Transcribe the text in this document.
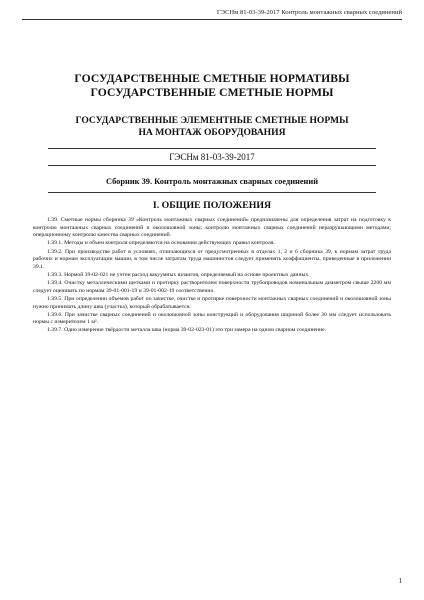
ГЭСНм 81-03-39-2017 Контроль монтажных сварных соединений
ГОСУДАРСТВЕННЫЕ СМЕТНЫЕ НОРМАТИВЫ
ГОСУДАРСТВЕННЫЕ СМЕТНЫЕ НОРМЫ
ГОСУДАРСТВЕННЫЕ ЭЛЕМЕНТНЫЕ СМЕТНЫЕ НОРМЫ
НА МОНТАЖ ОБОРУДОВАНИЯ
ГЭСНм 81-03-39-2017
Сборник 39. Контроль монтажных сварных соединений
I. ОБЩИЕ ПОЛОЖЕНИЯ

1.39. Сметные нормы сборника 39 «Контроль монтажных сварных соединений» предназначены для определения затрат на подготовку к контролю монтажных сварных соединений и околошовной зоны; контролю монтажных сварных соединений неразрушающими методами; операционному контролю качества сварных соединений.

1.39.1. Методы и объем контроля определяются на основании действующих правил контроля.

1.39.2. При производстве работ в условиях, отличающихся от предусмотренных в отделах 1, 2 и 6 сборника 39, к нормам затрат труда рабочих и нормам эксплуатации машин, в том числе затратам труда машинистов следует применять коэффициенты, приведенные в приложении 39.1.

1.39.3. Нормой 39-02-021 не учтен расход вакуумных шлангов, определяемый на основе проектных данных.

1.39.4. Очистку металлическими щетками и протирку растворителем поверхности трубопроводов номинальным диаметром свыше 2200 мм следует оценивать по нормам 39-01-001-19 и 39-01-002-19 соответственно.

1.39.5. При определении объемов работ по зачистке, очистке и протирке поверхности монтажных сварных соединений и околошовной зоны нужно принимать длину шва (участка), который обрабатывается.

1.39.6. При зачистке сварных соединений и околошовной зоны конструкций и оборудования шириной более 30 мм следует использовать нормы с измерителем 1 м².

1.39.7. Одно измерение твёрдости металла шва (норма 39-02-023-01) это три замера на одном сварном соединение.

1
